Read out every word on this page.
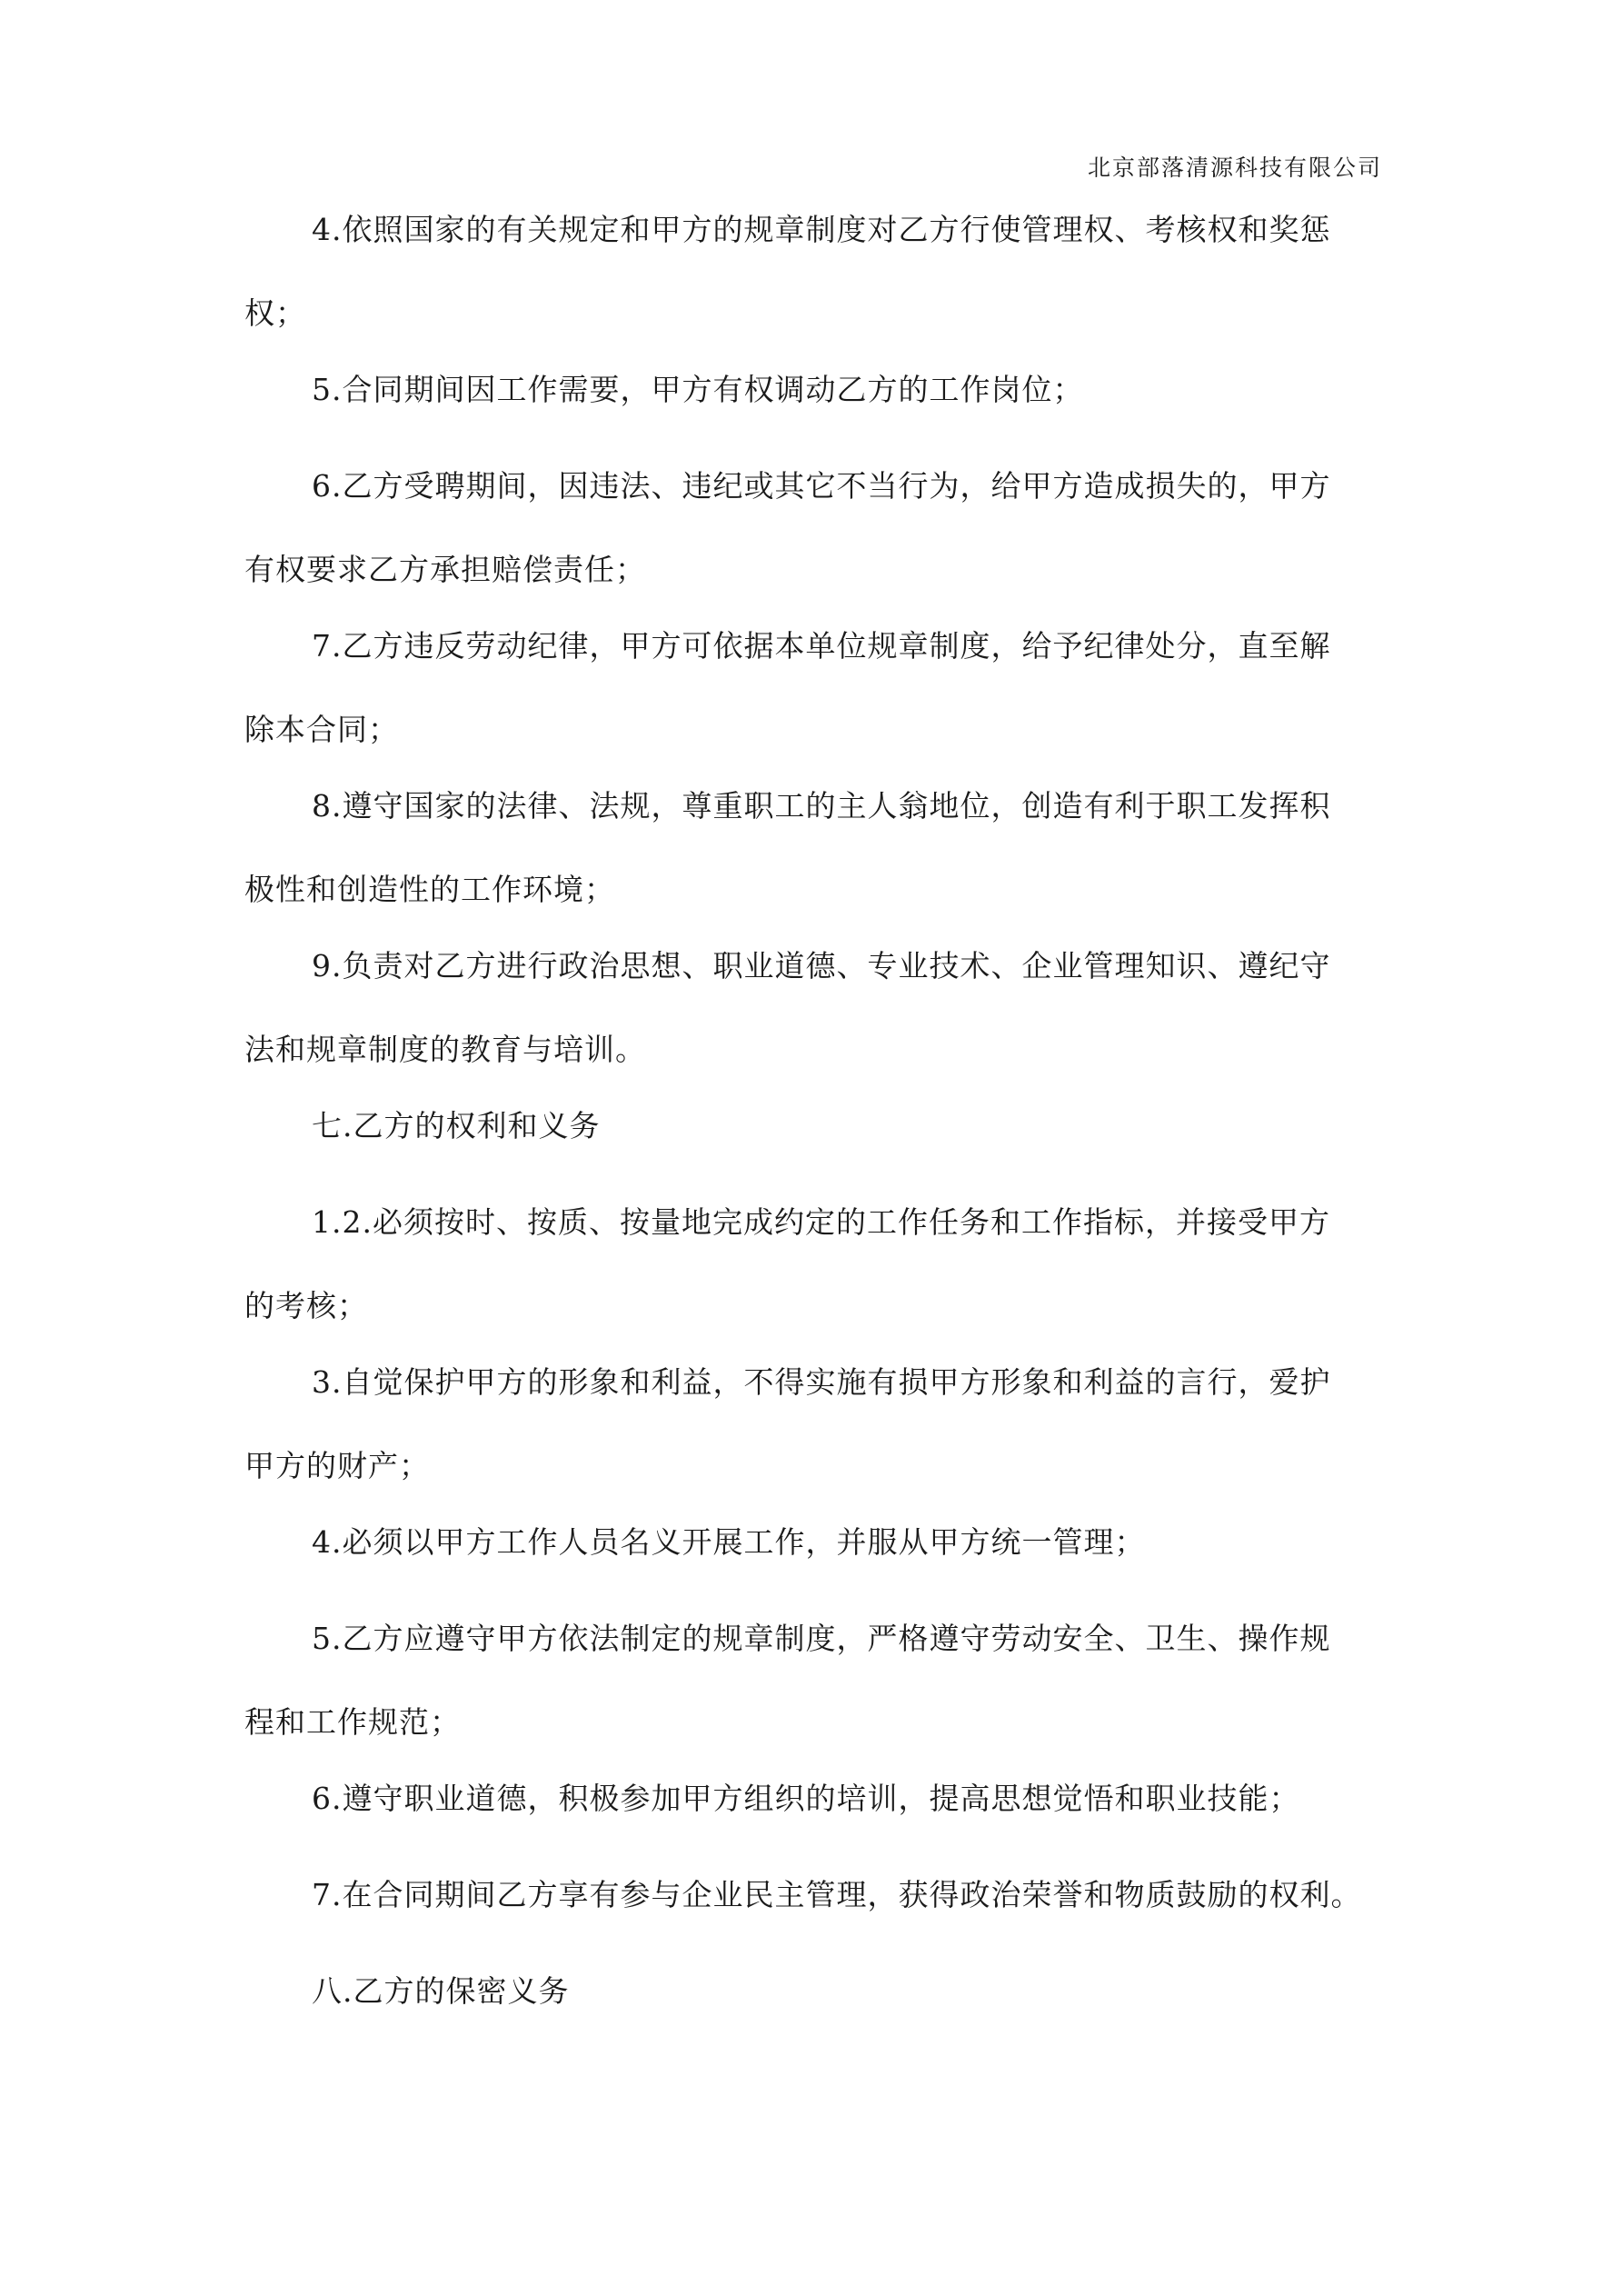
北京部落清源科技有限公司
4.依照国家的有关规定和甲方的规章制度对乙方行使管理权、考核权和奖惩
权；
5.合同期间因工作需要，甲方有权调动乙方的工作岗位；
6.乙方受聘期间，因违法、违纪或其它不当行为，给甲方造成损失的，甲方
有权要求乙方承担赔偿责任；
7.乙方违反劳动纪律，甲方可依据本单位规章制度，给予纪律处分，直至解
除本合同；
8.遵守国家的法律、法规，尊重职工的主人翁地位，创造有利于职工发挥积
极性和创造性的工作环境；
9.负责对乙方进行政治思想、职业道德、专业技术、企业管理知识、遵纪守
法和规章制度的教育与培训。
七.乙方的权利和义务
1.2.必须按时、按质、按量地完成约定的工作任务和工作指标，并接受甲方
的考核；
3.自觉保护甲方的形象和利益，不得实施有损甲方形象和利益的言行，爱护
甲方的财产；
4.必须以甲方工作人员名义开展工作，并服从甲方统一管理；
5.乙方应遵守甲方依法制定的规章制度，严格遵守劳动安全、卫生、操作规
程和工作规范；
6.遵守职业道德，积极参加甲方组织的培训，提高思想觉悟和职业技能；
7.在合同期间乙方享有参与企业民主管理，获得政治荣誉和物质鼓励的权利。
八.乙方的保密义务
